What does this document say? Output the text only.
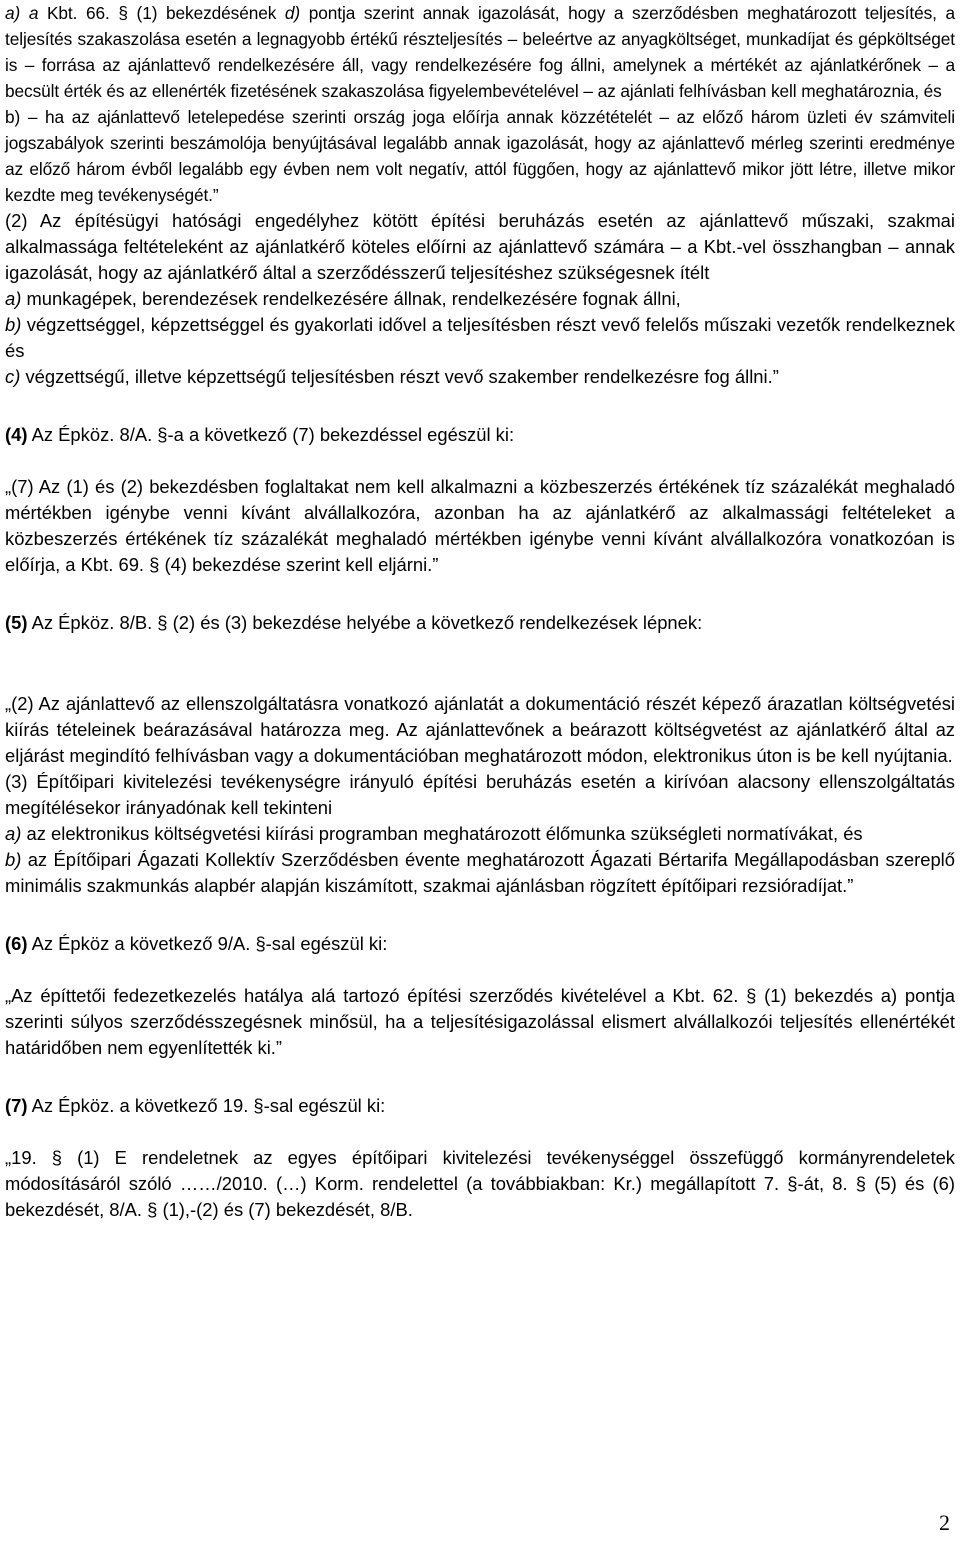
a) a Kbt. 66. § (1) bekezdésének d) pontja szerint annak igazolását, hogy a szerződésben meghatározott teljesítés, a teljesítés szakaszolása esetén a legnagyobb értékű részteljesítés – beleértve az anyagköltséget, munkadíjat és gépköltséget is – forrása az ajánlattevő rendelkezésére áll, vagy rendelkezésére fog állni, amelynek a mértékét az ajánlatkérőnek – a becsült érték és az ellenérték fizetésének szakaszolása figyelembevételével – az ajánlati felhívásban kell meghatároznia, és

b) – ha az ajánlattevő letelepedése szerinti ország joga előírja annak közzétételét – az előző három üzleti év számviteli jogszabályok szerinti beszámolója benyújtásával legalább annak igazolását, hogy az ajánlattevő mérleg szerinti eredménye az előző három évből legalább egy évben nem volt negatív, attól függően, hogy az ajánlattevő mikor jött létre, illetve mikor kezdte meg tevékenységét.”

(2) Az építésügyi hatósági engedélyhez kötött építési beruházás esetén az ajánlattevő műszaki, szakmai alkalmassága feltételeként az ajánlatkérő köteles előírni az ajánlattevő számára – a Kbt.-vel összhangban – annak igazolását, hogy az ajánlatkérő által a szerződésszerű teljesítéshez szükségesnek ítélt

a) munkagépek, berendezések rendelkezésére állnak, rendelkezésére fognak állni,

b) végzettséggel, képzettséggel és gyakorlati idővel a teljesítésben részt vevő felelős műszaki vezetők rendelkeznek és

c) végzettségű, illetve képzettségű teljesítésben részt vevő szakember rendelkezésre fog állni.”

(4) Az Épköz. 8/A. §-a a következő (7) bekezdéssel egészül ki:

„(7) Az (1) és (2) bekezdésben foglaltakat nem kell alkalmazni a közbeszerzés értékének tíz százalékát meghaladó mértékben igénybe venni kívánt alvállalkozóra, azonban ha az ajánlatkérő az alkalmassági feltételeket a közbeszerzés értékének tíz százalékát meghaladó mértékben igénybe venni kívánt alvállalkozóra vonatkozóan is előírja, a Kbt. 69. § (4) bekezdése szerint kell eljárni.”

(5) Az Épköz. 8/B. § (2) és (3) bekezdése helyébe a következő rendelkezések lépnek:

„(2) Az ajánlattevő az ellenszolgáltatásra vonatkozó ajánlatát a dokumentáció részét képező árazatlan költségvetési kiírás tételeinek beárazásával határozza meg. Az ajánlattevőnek a beárazott költségvetést az ajánlatkérő által az eljárást megindító felhívásban vagy a dokumentációban meghatározott módon, elektronikus úton is be kell nyújtania.

(3) Építőipari kivitelezési tevékenységre irányuló építési beruházás esetén a kirívóan alacsony ellenszolgáltatás megítélésekor irányadónak kell tekinteni

a) az elektronikus költségvetési kiírási programban meghatározott élőmunka szükségleti normatívákat, és

b) az Építőipari Ágazati Kollektív Szerződésben évente meghatározott Ágazati Bértarifa Megállapodásban szereplő minimális szakmunkás alapbér alapján kiszámított, szakmai ajánlásban rögzített építőipari rezsióradíjat.”

(6) Az Épköz a következő 9/A. §-sal egészül ki:

„Az építtetői fedezetkezelés hatálya alá tartozó építési szerződés kivételével a Kbt. 62. § (1) bekezdés a) pontja szerinti súlyos szerződésszegésnek minősül, ha a teljesítésigazolással elismert alvállalkozói teljesítés ellenértékét határidőben nem egyenlítették ki.”

(7) Az Épköz. a következő 19. §-sal egészül ki:

„19. § (1) E rendeletnek az egyes építőipari kivitelezési tevékenységgel összefüggő kormányrendeletek módosításáról szóló ……/2010. (…) Korm. rendelettel (a továbbiakban: Kr.) megállapított 7. §-át, 8. § (5) és (6) bekezdését, 8/A. § (1),-(2) és (7) bekezdését, 8/B.

2
